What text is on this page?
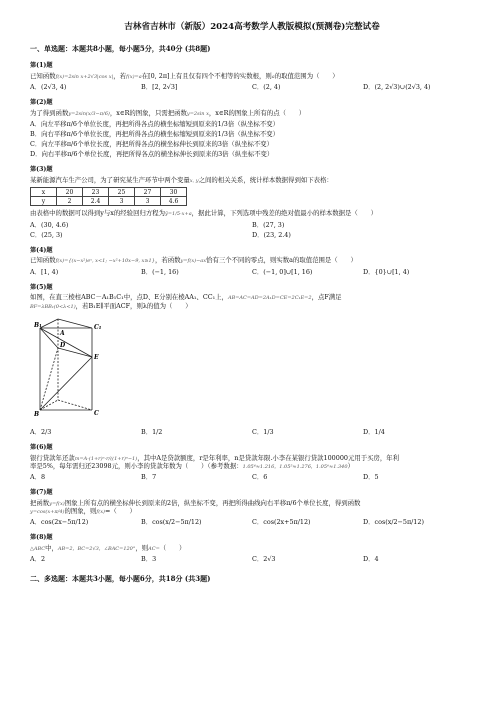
吉林省吉林市（新版）2024高考数学人教版模拟(预测卷)完整试卷
一、单选题：本题共8小题，每小题5分，共40分 (共8题)
第(1)题
已知函数f(x)=2sin x+2√3|cos x|，若f(x)=a在[0, 2π]上有且仅有四个不相等的实数根，则a的取值范围为（　　）
A．(2√3, 4)	B．[2, 2√3]	C．(2, 4)	D．(2, 2√3)∪(2√3, 4)
第(2)题
为了得到函数y=2sin(x/3−π/6)，x∈R的图象，只需把函数y=2sin x，x∈R的图象上所有的点（　　）
A．向左平移π/6个单位长度，再把所得各点的横坐标缩短到原来的1/3倍（纵坐标不变）
B．向右平移π/6个单位长度，再把所得各点的横坐标缩短到原来的1/3倍（纵坐标不变）
C．向左平移π/6个单位长度，再把所得各点的横坐标伸长到原来的3倍（纵坐标不变）
D．向右平移π/6个单位长度，再把所得各点的横坐标伸长到原来的3倍（纵坐标不变）
第(3)题
某新能源汽车生产公司，为了研究某生产环节中两个变量x, y之间的相关关系，统计样本数据得到如下表格：
x	20	23	25	27	30
y	2	2.4	3	3	4.6
由表格中的数据可以得到y与x的经验回归方程为ŷ=1/5·x+a，据此计算，下列选项中残差的绝对值最小的样本数据是（　　）
A．(30, 4.6)	B．(27, 3)
C．(25, 3)	D．(23, 2.4)
第(4)题
已知函数f(x)={(x−x²)eˣ, x<1; −x²+10x−9, x≥1}，若函数y=f(x)−ax恰有三个不同的零点，则实数a的取值范围是（　　）
A．[1, 4)	B．(−1, 16)	C．(−1, 0]∪[1, 16)	D．{0}∪[1, 4)
第(5)题
如图，在直三棱柱ABC－A₁B₁C₁中，点D、E分别在棱AA₁、CC₁上，AB=AC=AD=2A₁D=CE=2C₁E=2，点F满足
BF=λBB₁(0<λ<1)，若B₁E∥平面ACF，则λ的值为（　　）
B₁
A
D
C₁
E
B	C
A．2/3	B．1/2	C．1/3	D．1/4
第(6)题
银行贷款年还款m=A·(1+r)ⁿ·r/((1+r)ⁿ−1)，其中A是贷款额度，r是年利率，n是贷款年限.小李在某银行贷款100000元用于买房，年利
率是5%，每年需归还23098元，则小李的贷款年数为（　　）（参考数据：1.05⁴≈1.216，1.05⁵≈1.276，1.05⁶≈1.340）
A．8	B．7	C．6	D．5
第(7)题
把函数y=f(x)图象上所有点的横坐标伸长到原来的2倍，纵坐标不变，再把所得曲线向右平移π/6个单位长度，得到函数
y=cos(x+π/4)的图象，则f(x)=（　　）
A．cos(2x−5π/12)	B．cos(x/2−5π/12)	C．cos(2x+5π/12)	D．cos(x/2−5π/12)
第(8)题
△ABC中，AB=2，BC=2√3，∠BAC=120°，则AC=（　　）
A．2	B．3	C．2√3	D．4
二、多选题：本题共3小题，每小题6分，共18分 (共3题)
